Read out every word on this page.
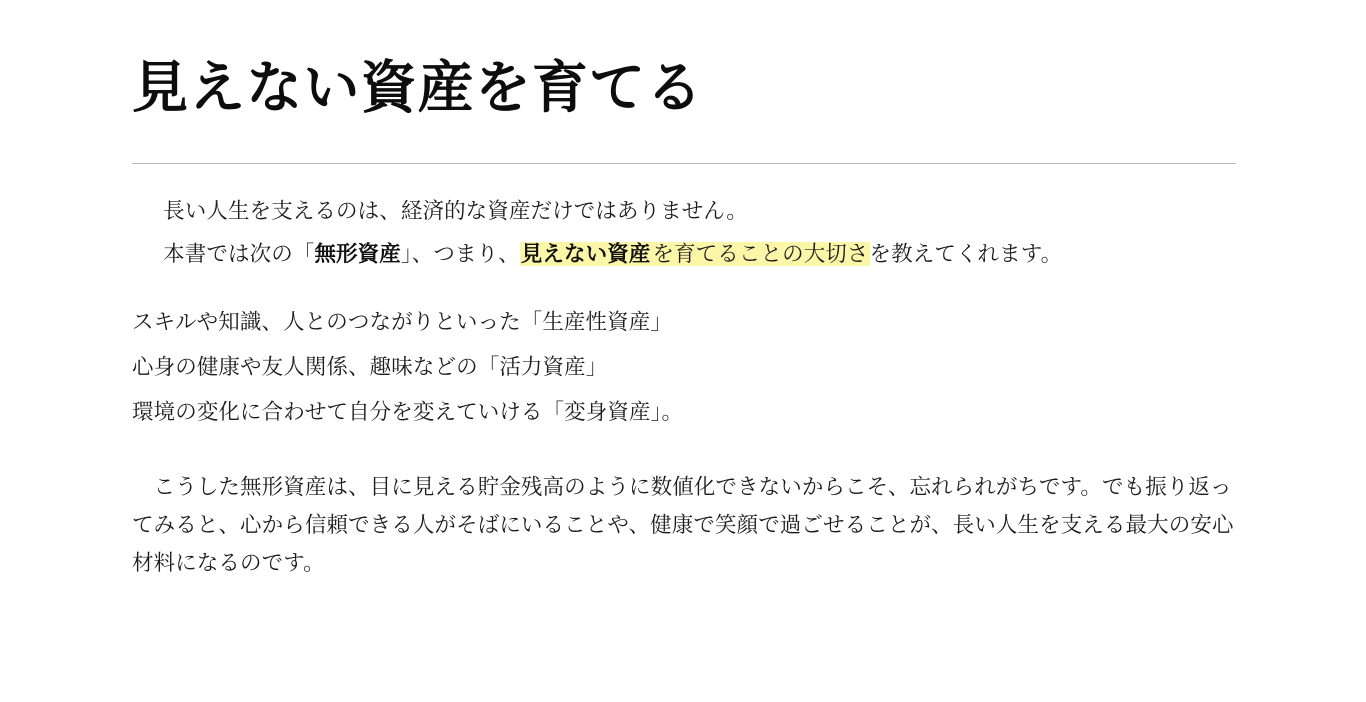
見えない資産を育てる

長い人生を支えるのは、経済的な資産だけではありません。

本書では次の「無形資産」、つまり、見えない資産を育てることの大切さを教えてくれます。

スキルや知識、人とのつながりといった「生産性資産」

心身の健康や友人関係、趣味などの「活力資産」

環境の変化に合わせて自分を変えていける「変身資産」。

　こうした無形資産は、目に見える貯金残高のように数値化できないからこそ、忘れられがちです。でも振り返ってみると、心から信頼できる人がそばにいることや、健康で笑顔で過ごせることが、長い人生を支える最大の安心材料になるのです。
